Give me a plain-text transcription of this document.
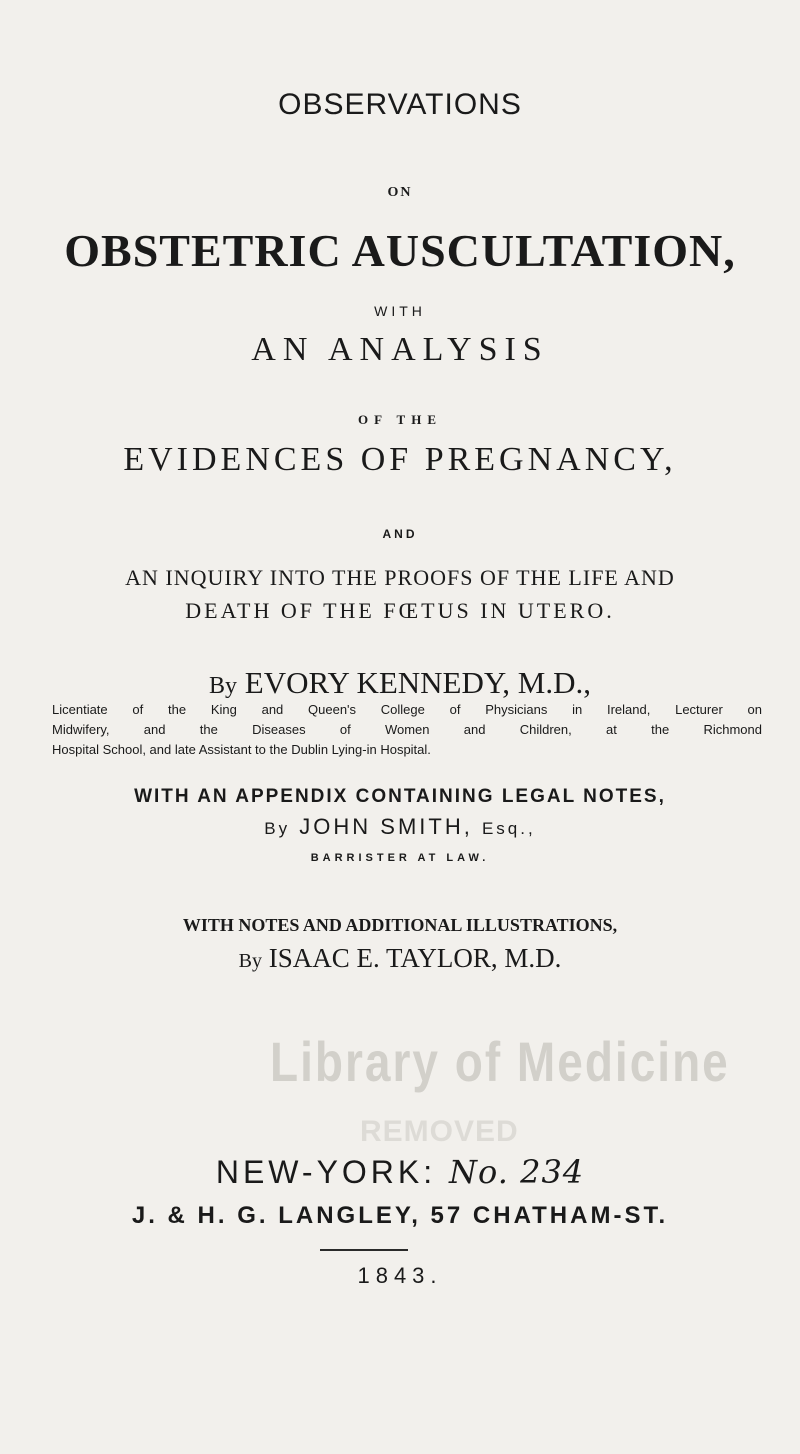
OBSERVATIONS
ON
OBSTETRIC AUSCULTATION,
WITH
AN ANALYSIS
OF THE
EVIDENCES OF PREGNANCY,
AND
AN INQUIRY INTO THE PROOFS OF THE LIFE AND
DEATH OF THE FŒTUS IN UTERO.
By EVORY KENNEDY, M.D.,
Licentiate of the King and Queen's College of Physicians in Ireland, Lecturer on
Midwifery, and the Diseases of Women and Children, at the Richmond
Hospital School, and late Assistant to the Dublin Lying-in Hospital.
WITH AN APPENDIX CONTAINING LEGAL NOTES,
By JOHN SMITH, Esq.,
BARRISTER AT LAW.
WITH NOTES AND ADDITIONAL ILLUSTRATIONS,
By ISAAC E. TAYLOR, M.D.
Library of Medicine
REMOVED
NEW-YORK: No. 234
J. & H. G. LANGLEY, 57 CHATHAM-ST.
1843.
